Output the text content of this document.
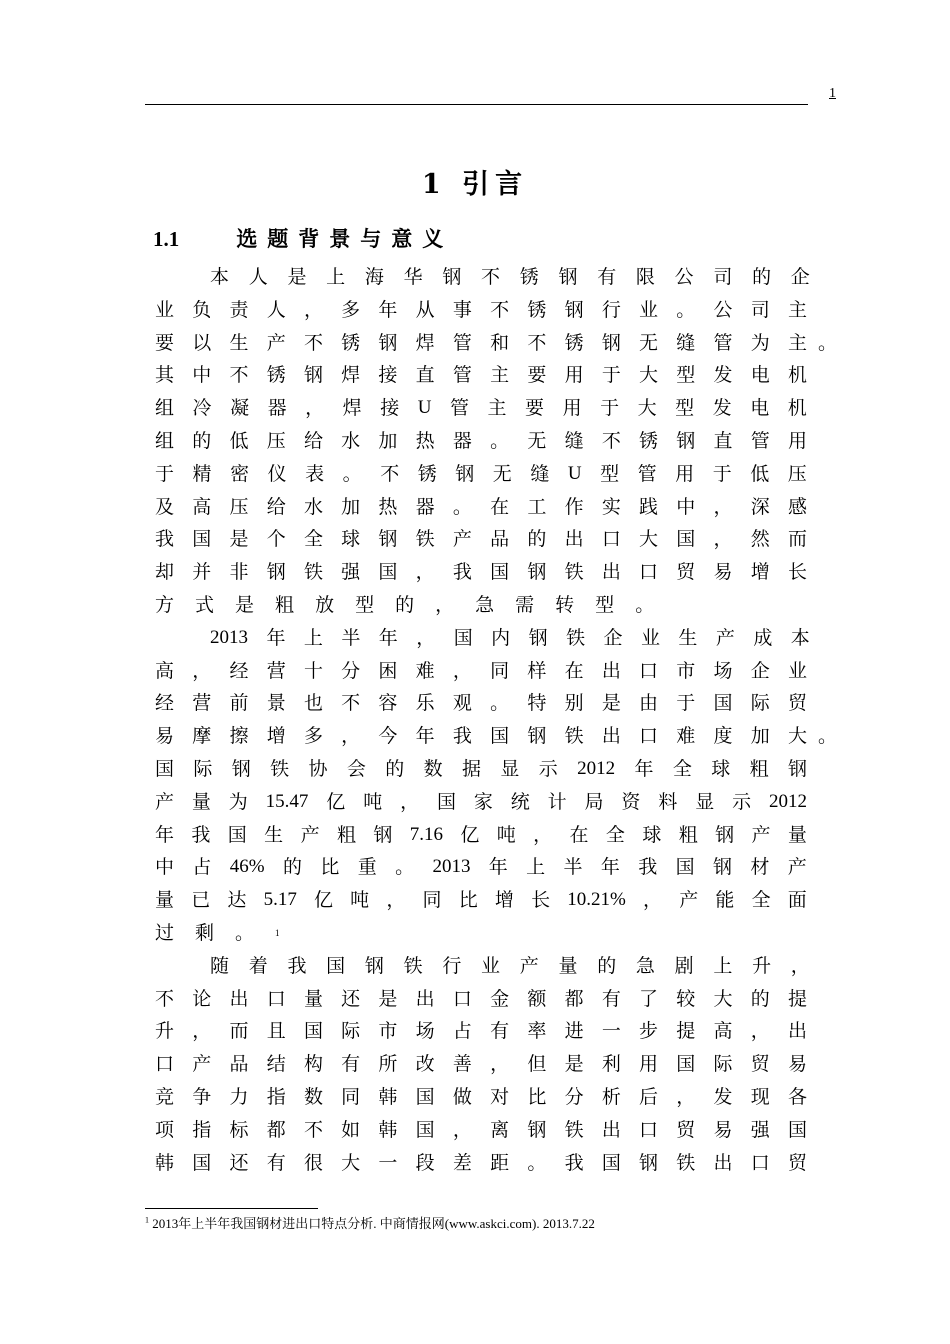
1
1 引言
1.1	选题背景与意义
本 人 是 上 海 华 钢 不 锈 钢 有 限 公 司 的 企
业 负 责 人 ， 多 年 从 事 不 锈 钢 行 业 。 公 司 主
要 以 生 产 不 锈 钢 焊 管 和 不 锈 钢 无 缝 管 为 主 。
其 中 不 锈 钢 焊 接 直 管 主 要 用 于 大 型 发 电 机
组 冷 凝 器 ， 焊 接 U 管 主 要 用 于 大 型 发 电 机
组 的 低 压 给 水 加 热 器 。 无 缝 不 锈 钢 直 管 用
于 精 密 仪 表 。 不 锈 钢 无 缝 U 型 管 用 于 低 压
及 高 压 给 水 加 热 器 。 在 工 作 实 践 中 ， 深 感
我 国 是 个 全 球 钢 铁 产 品 的 出 口 大 国 ， 然 而
却 并 非 钢 铁 强 国 ， 我 国 钢 铁 出 口 贸 易 增 长
方 式 是 粗 放 型 的 ， 急 需 转 型 。
2013 年 上 半 年 ， 国 内 钢 铁 企 业 生 产 成 本
高 ， 经 营 十 分 困 难 ， 同 样 在 出 口 市 场 企 业
经 营 前 景 也 不 容 乐 观 。 特 别 是 由 于 国 际 贸
易 摩 擦 增 多 ， 今 年 我 国 钢 铁 出 口 难 度 加 大 。
国 际 钢 铁 协 会 的 数 据 显 示 2012 年 全 球 粗 钢
产 量 为 15.47 亿 吨 ， 国 家 统 计 局 资 料 显 示 2012
年 我 国 生 产 粗 钢 7.16 亿 吨 ， 在 全 球 粗 钢 产 量
中 占 46% 的 比 重 。 2013 年 上 半 年 我 国 钢 材 产
量 已 达 5.17 亿 吨 ， 同 比 增 长 10.21% ， 产 能 全 面
过 剩 。 1
随 着 我 国 钢 铁 行 业 产 量 的 急 剧 上 升 ，
不 论 出 口 量 还 是 出 口 金 额 都 有 了 较 大 的 提
升 ， 而 且 国 际 市 场 占 有 率 进 一 步 提 高 ， 出
口 产 品 结 构 有 所 改 善 ， 但 是 利 用 国 际 贸 易
竞 争 力 指 数 同 韩 国 做 对 比 分 析 后 ， 发 现 各
项 指 标 都 不 如 韩 国 ， 离 钢 铁 出 口 贸 易 强 国
韩 国 还 有 很 大 一 段 差 距 。 我 国 钢 铁 出 口 贸
$^1$ 2013年上半年我国钢材进出口特点分析. 中商情报网(www.askci.com). 2013.7.22
